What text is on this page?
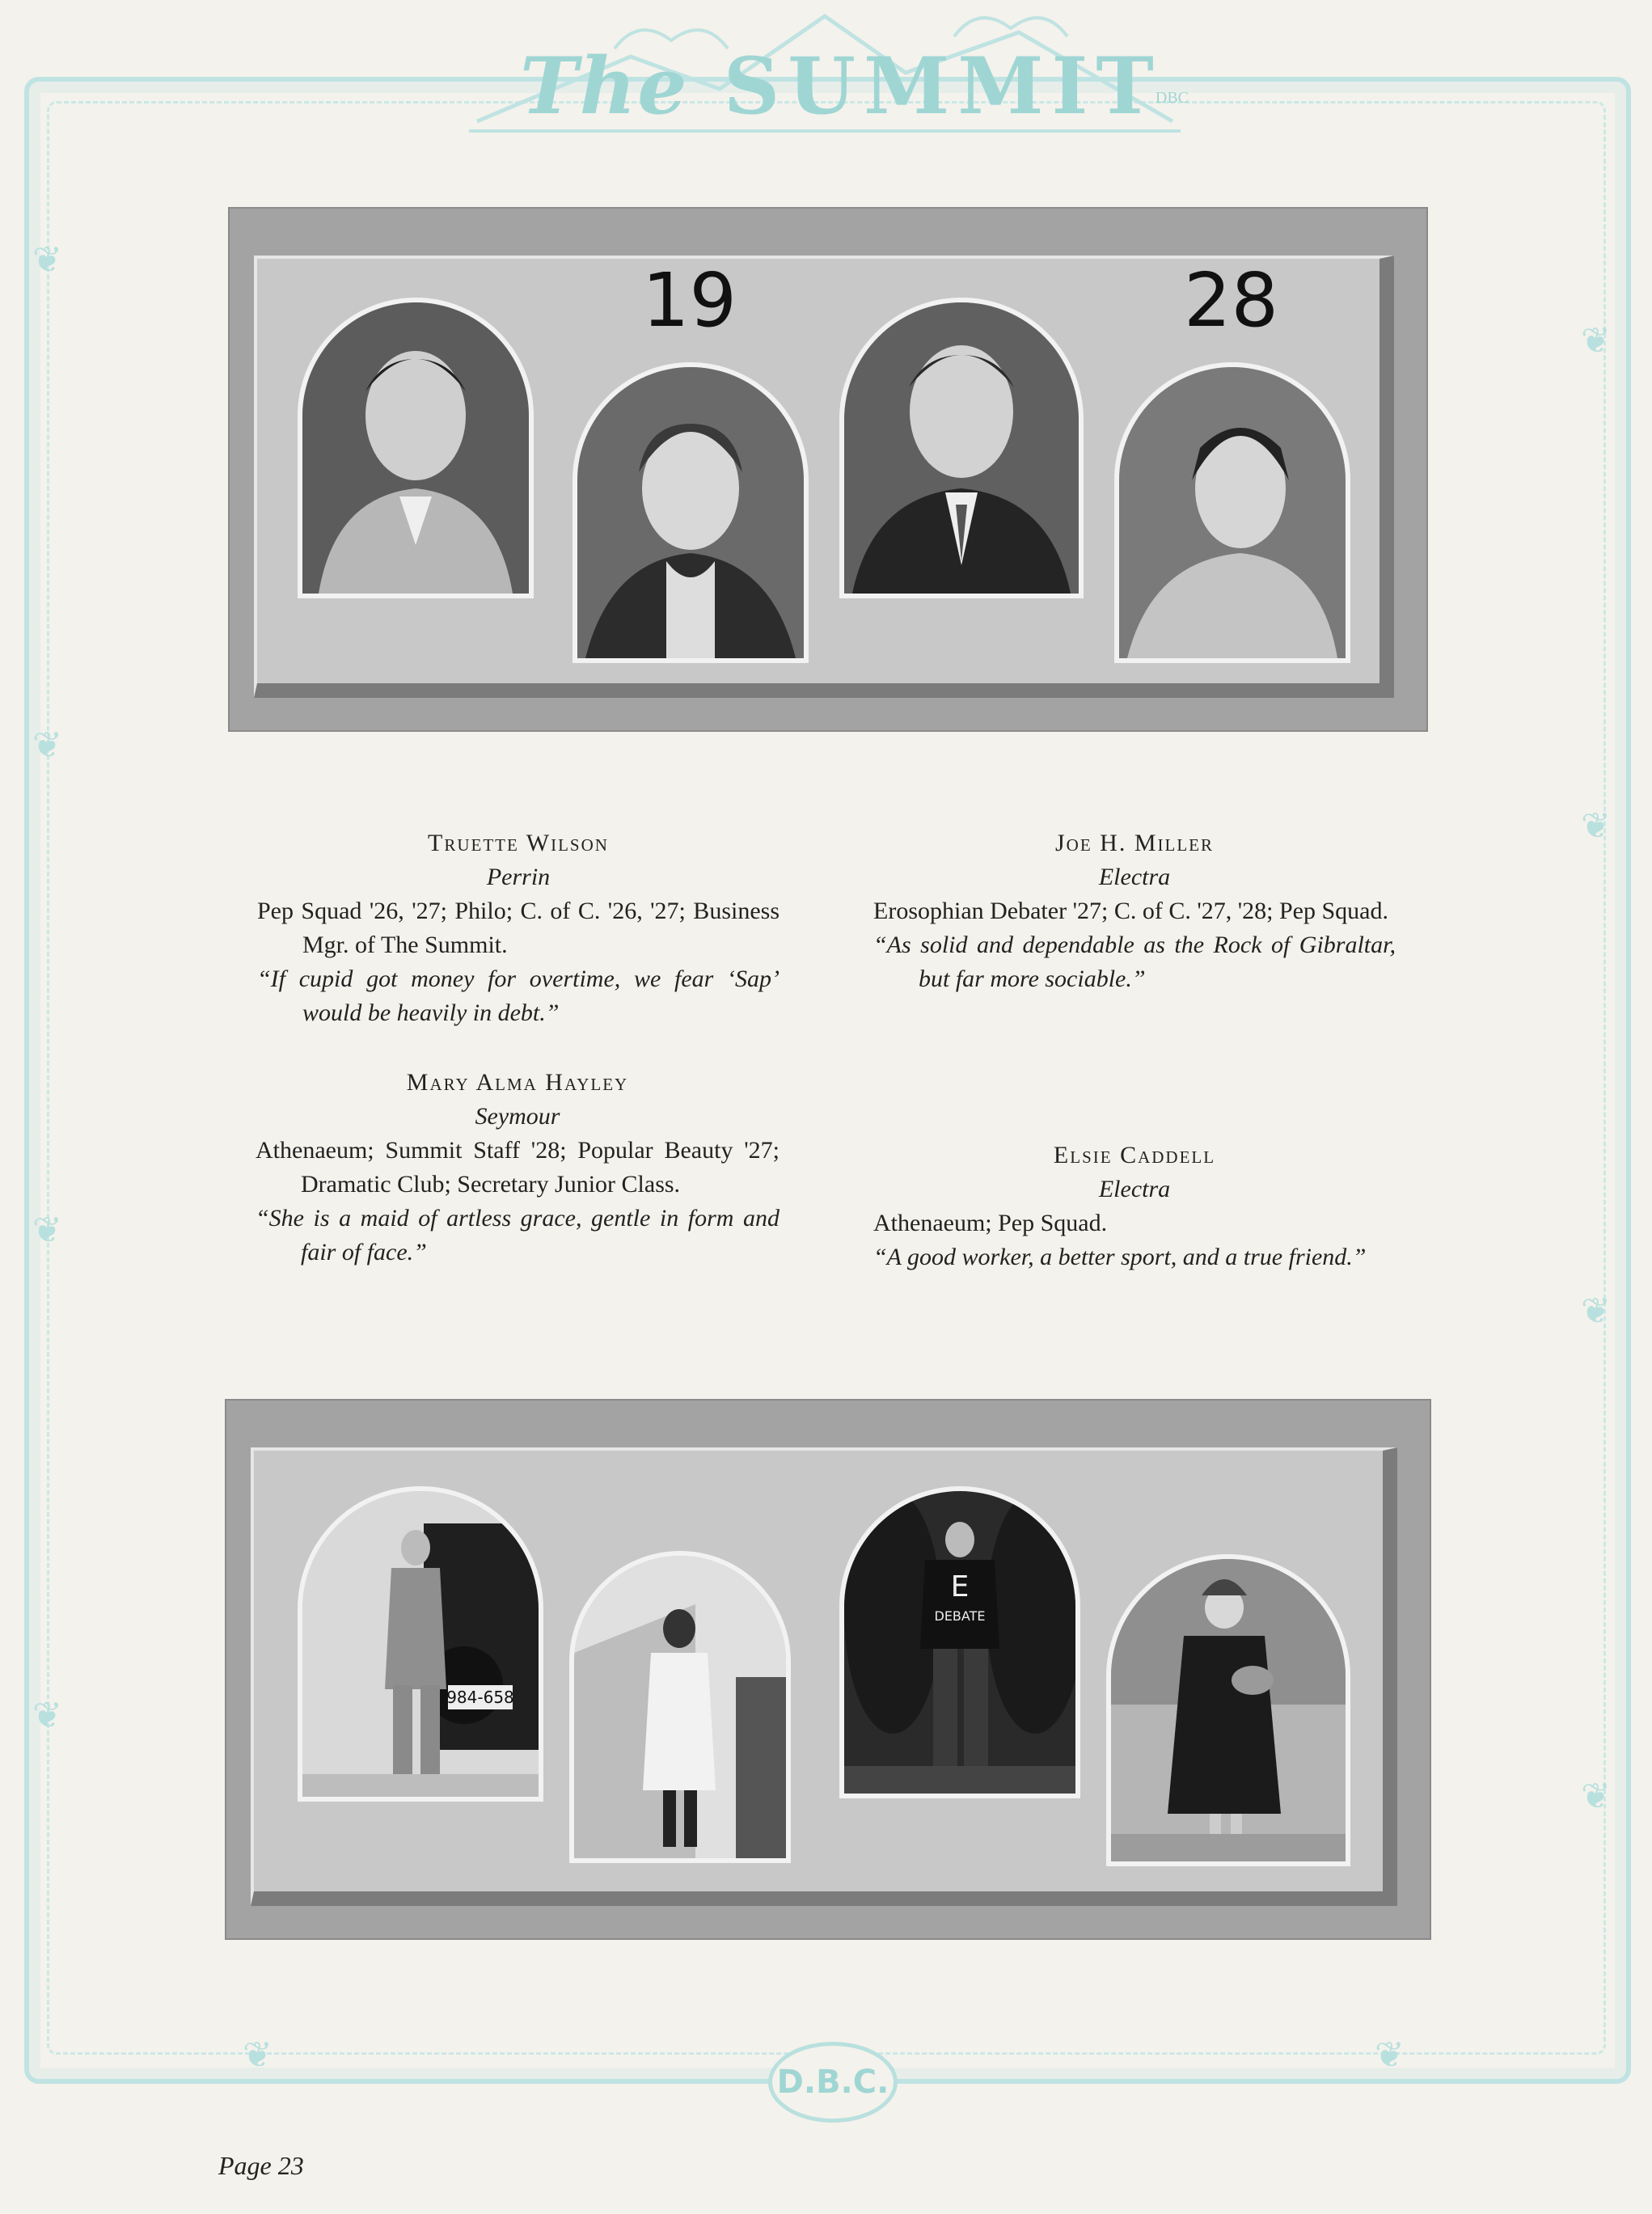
❦
❦
❦
❦
❦
❦
❦
❦
❦	❦
The SUMMIT
DBC
19	28
Truette Wilson
Perrin
Pep Squad '26, '27; Philo; C. of C. '26, '27; Business Mgr. of The Summit.
“If cupid got money for overtime, we fear ‘Sap’ would be heavily in debt.”
Mary Alma Hayley
Seymour
Athenaeum; Summit Staff '28; Popular Beauty '27; Dramatic Club; Secretary Junior Class.
“She is a maid of artless grace, gentle in form and fair of face.”
Joe H. Miller
Electra
Erosophian Debater '27; C. of C. '27, '28; Pep Squad.
“As solid and dependable as the Rock of Gibraltar, but far more sociable.”
Elsie Caddell
Electra
Athenaeum; Pep Squad.
“A good worker, a better sport, and a true friend.”
984-658
E
DEBATE
D.B.C.
Page 23
